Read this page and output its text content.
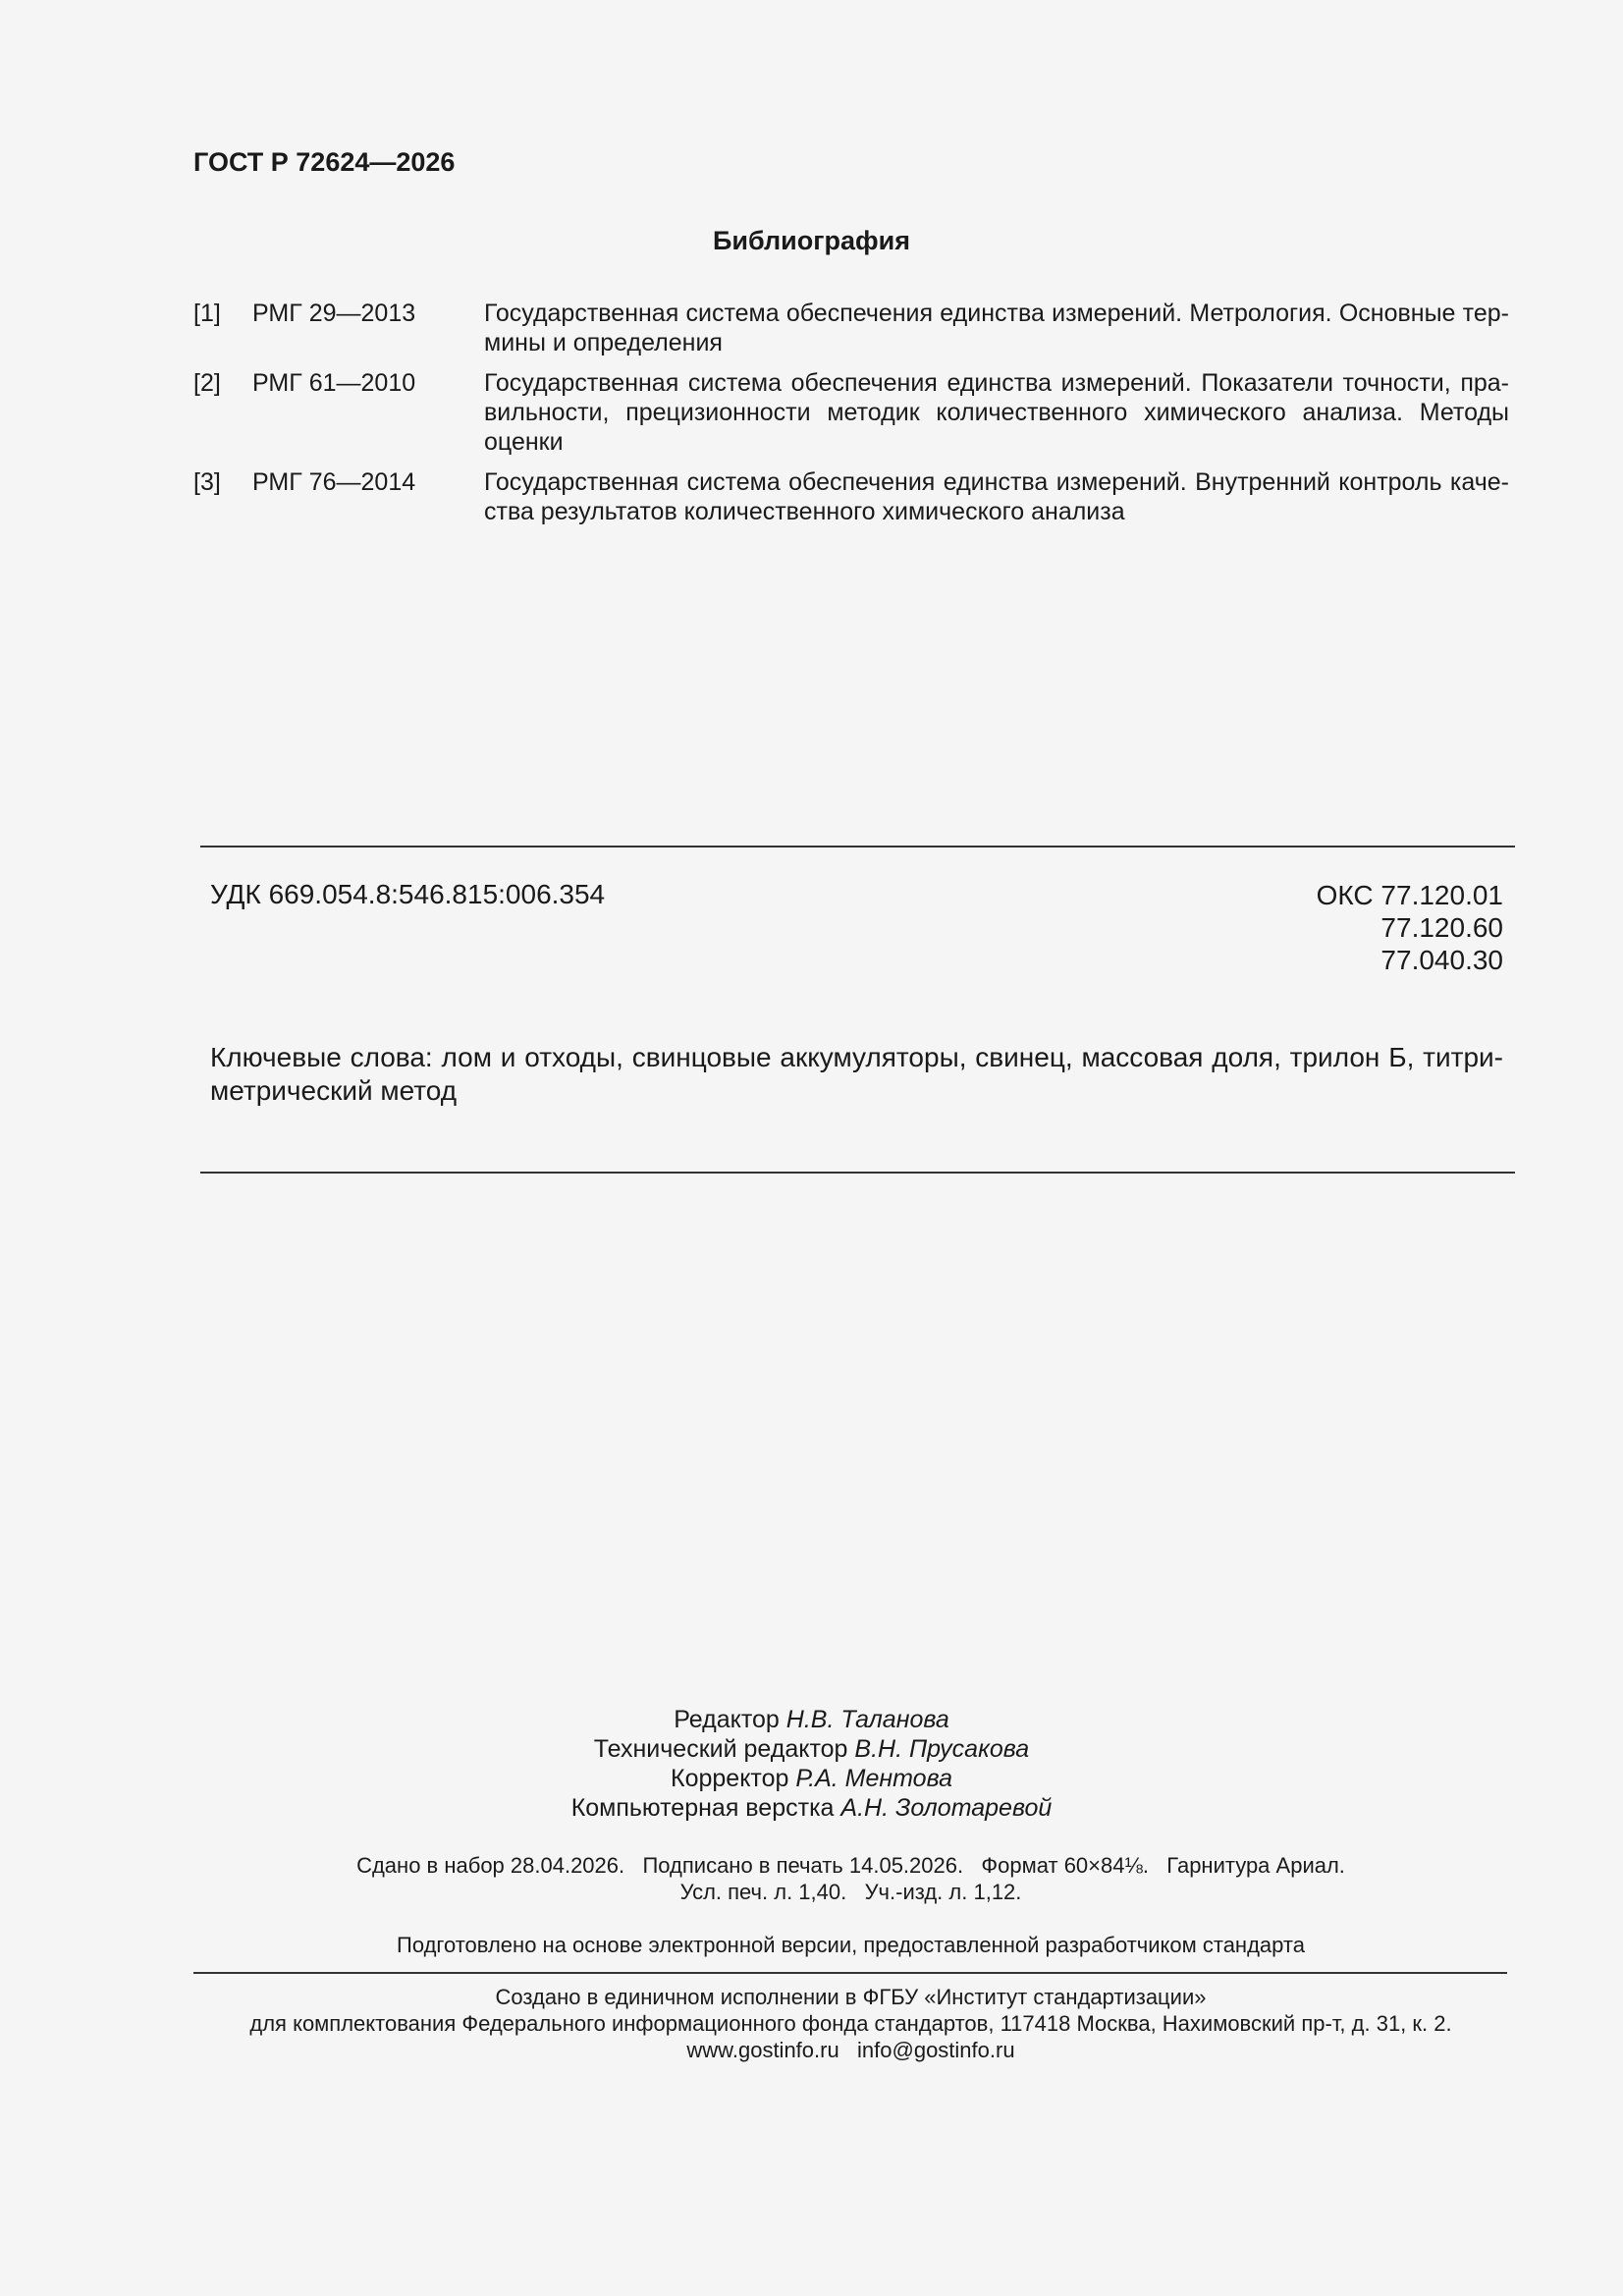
ГОСТ Р 72624—2026
Библиография
[1] РМГ 29—2013	Государственная система обеспечения единства измерений. Метрология. Основные тер-мины и определения
[2] РМГ 61—2010	Государственная система обеспечения единства измерений. Показатели точности, пра-вильности, прецизионности методик количественного химического анализа. Методы оценки
[3] РМГ 76—2014	Государственная система обеспечения единства измерений. Внутренний контроль каче-ства результатов количественного химического анализа
УДК 669.054.8:546.815:006.354	ОКС 77.120.01
77.120.60
77.040.30
Ключевые слова: лом и отходы, свинцовые аккумуляторы, свинец, массовая доля, трилон Б, титри-метрический метод
Редактор Н.В. Таланова
Технический редактор В.Н. Прусакова
Корректор Р.А. Ментова
Компьютерная верстка А.Н. Золотаревой
Сдано в набор 28.04.2026.   Подписано в печать 14.05.2026.   Формат 60×84⅛.   Гарнитура Ариал.
Усл. печ. л. 1,40.   Уч.-изд. л. 1,12.
Подготовлено на основе электронной версии, предоставленной разработчиком стандарта
Создано в единичном исполнении в ФГБУ «Институт стандартизации»
для комплектования Федерального информационного фонда стандартов, 117418 Москва, Нахимовский пр-т, д. 31, к. 2.
www.gostinfo.ru   info@gostinfo.ru
